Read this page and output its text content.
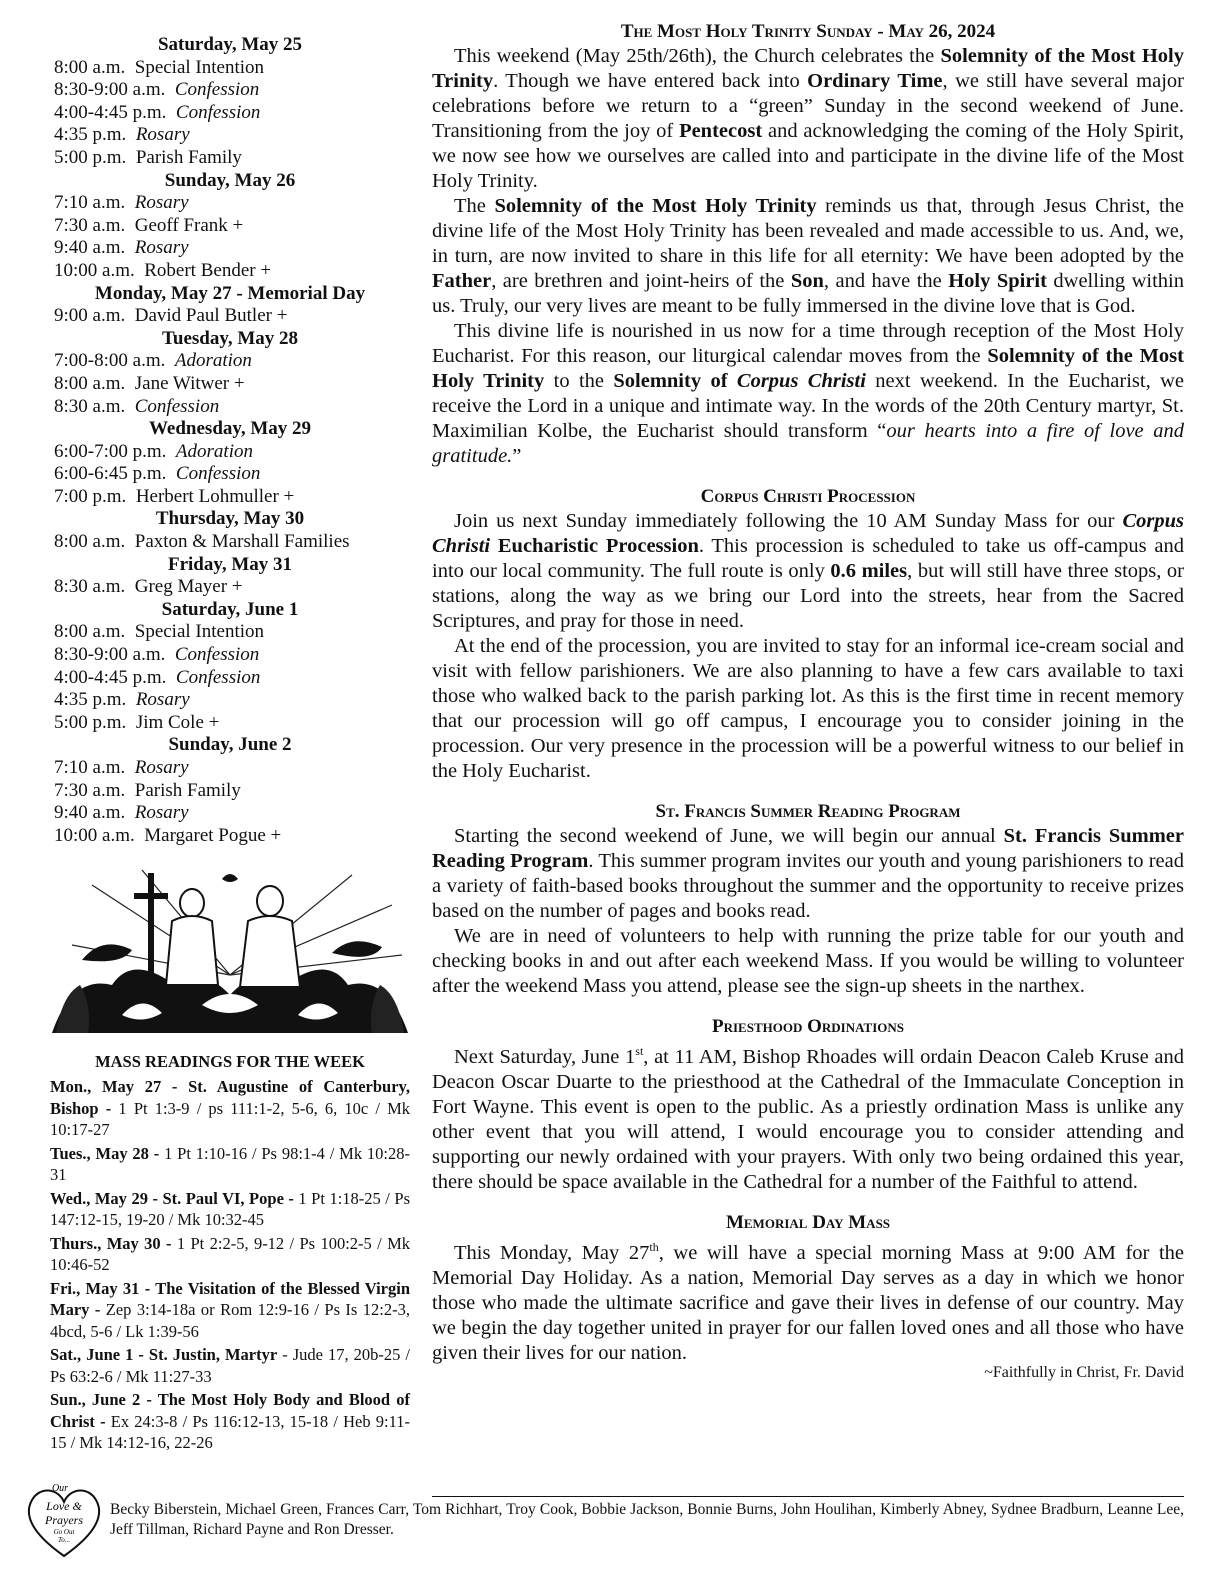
Saturday, May 25
8:00 a.m. Special Intention
8:30-9:00 a.m. Confession
4:00-4:45 p.m. Confession
4:35 p.m. Rosary
5:00 p.m. Parish Family
Sunday, May 26
7:10 a.m. Rosary
7:30 a.m. Geoff Frank +
9:40 a.m. Rosary
10:00 a.m. Robert Bender +
Monday, May 27 - Memorial Day
9:00 a.m. David Paul Butler +
Tuesday, May 28
7:00-8:00 a.m. Adoration
8:00 a.m. Jane Witwer +
8:30 a.m. Confession
Wednesday, May 29
6:00-7:00 p.m. Adoration
6:00-6:45 p.m. Confession
7:00 p.m. Herbert Lohmuller +
Thursday, May 30
8:00 a.m. Paxton & Marshall Families
Friday, May 31
8:30 a.m. Greg Mayer +
Saturday, June 1
8:00 a.m. Special Intention
8:30-9:00 a.m. Confession
4:00-4:45 p.m. Confession
4:35 p.m. Rosary
5:00 p.m. Jim Cole +
Sunday, June 2
7:10 a.m. Rosary
7:30 a.m. Parish Family
9:40 a.m. Rosary
10:00 a.m. Margaret Pogue +
MASS READINGS FOR THE WEEK
Mon., May 27 - St. Augustine of Canterbury, Bishop - 1 Pt 1:3-9 / ps 111:1-2, 5-6, 6, 10c / Mk 10:17-27
Tues., May 28 - 1 Pt 1:10-16 / Ps 98:1-4 / Mk 10:28-31
Wed., May 29 - St. Paul VI, Pope - 1 Pt 1:18-25 / Ps 147:12-15, 19-20 / Mk 10:32-45
Thurs., May 30 - 1 Pt 2:2-5, 9-12 / Ps 100:2-5 / Mk 10:46-52
Fri., May 31 - The Visitation of the Blessed Virgin Mary - Zep 3:14-18a or Rom 12:9-16 / Ps Is 12:2-3, 4bcd, 5-6 / Lk 1:39-56
Sat., June 1 - St. Justin, Martyr - Jude 17, 20b-25 / Ps 63:2-6 / Mk 11:27-33
Sun., June 2 - The Most Holy Body and Blood of Christ - Ex 24:3-8 / Ps 116:12-13, 15-18 / Heb 9:11-15 / Mk 14:12-16, 22-26
The Most Holy Trinity Sunday - May 26, 2024

This weekend (May 25th/26th), the Church celebrates the Solemnity of the Most Holy Trinity. Though we have entered back into Ordinary Time, we still have several major celebrations before we return to a “green” Sunday in the second weekend of June. Transitioning from the joy of Pentecost and acknowledging the coming of the Holy Spirit, we now see how we ourselves are called into and participate in the divine life of the Most Holy Trinity.

The Solemnity of the Most Holy Trinity reminds us that, through Jesus Christ, the divine life of the Most Holy Trinity has been revealed and made accessible to us. And, we, in turn, are now invited to share in this life for all eternity: We have been adopted by the Father, are brethren and joint-heirs of the Son, and have the Holy Spirit dwelling within us. Truly, our very lives are meant to be fully immersed in the divine love that is God.

This divine life is nourished in us now for a time through reception of the Most Holy Eucharist. For this reason, our liturgical calendar moves from the Solemnity of the Most Holy Trinity to the Solemnity of Corpus Christi next weekend. In the Eucharist, we receive the Lord in a unique and intimate way. In the words of the 20th Century martyr, St. Maximilian Kolbe, the Eucharist should transform “our hearts into a fire of love and gratitude.”

Corpus Christi Procession

Join us next Sunday immediately following the 10 AM Sunday Mass for our Corpus Christi Eucharistic Procession. This procession is scheduled to take us off-campus and into our local community. The full route is only 0.6 miles, but will still have three stops, or stations, along the way as we bring our Lord into the streets, hear from the Sacred Scriptures, and pray for those in need.

At the end of the procession, you are invited to stay for an informal ice-cream social and visit with fellow parishioners. We are also planning to have a few cars available to taxi those who walked back to the parish parking lot. As this is the first time in recent memory that our procession will go off campus, I encourage you to consider joining in the procession. Our very presence in the procession will be a powerful witness to our belief in the Holy Eucharist.

St. Francis Summer Reading Program

Starting the second weekend of June, we will begin our annual St. Francis Summer Reading Program. This summer program invites our youth and young parishioners to read a variety of faith-based books throughout the summer and the opportunity to receive prizes based on the number of pages and books read.

We are in need of volunteers to help with running the prize table for our youth and checking books in and out after each weekend Mass. If you would be willing to volunteer after the weekend Mass you attend, please see the sign-up sheets in the narthex.

Priesthood Ordinations

Next Saturday, June 1st, at 11 AM, Bishop Rhoades will ordain Deacon Caleb Kruse and Deacon Oscar Duarte to the priesthood at the Cathedral of the Immaculate Conception in Fort Wayne. This event is open to the public. As a priestly ordination Mass is unlike any other event that you will attend, I would encourage you to consider attending and supporting our newly ordained with your prayers. With only two being ordained this year, there should be space available in the Cathedral for a number of the Faithful to attend.

Memorial Day Mass

This Monday, May 27th, we will have a special morning Mass at 9:00 AM for the Memorial Day Holiday. As a nation, Memorial Day serves as a day in which we honor those who made the ultimate sacrifice and gave their lives in defense of our country. May we begin the day together united in prayer for our fallen loved ones and all those who have given their lives for our nation.

~Faithfully in Christ, Fr. David
Our
Love &
Prayers
Go Out
To...
Becky Biberstein, Michael Green, Frances Carr, Tom Richhart, Troy Cook, Bobbie Jackson, Bonnie Burns, John Houlihan, Kimberly Abney, Sydnee Bradburn, Leanne Lee, Jeff Tillman, Richard Payne and Ron Dresser.
